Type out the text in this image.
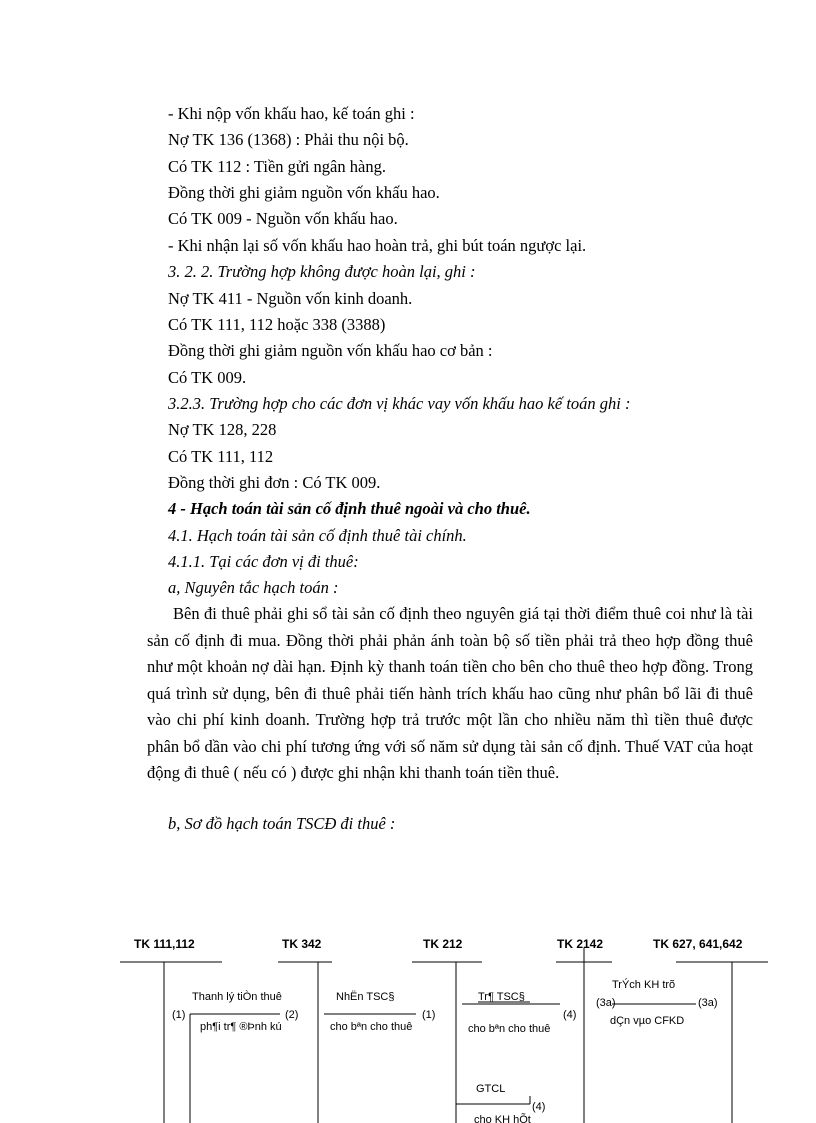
- Khi nộp vốn khấu hao, kế toán ghi :
Nợ TK 136 (1368) : Phải thu nội bộ.
Có TK 112 : Tiền gửi ngân hàng.
Đồng thời ghi giảm nguồn vốn khấu hao.
Có TK 009 - Nguồn vốn khấu hao.
- Khi nhận lại số vốn khấu hao hoàn trả, ghi bút toán ngược lại.
3. 2. 2. Trường hợp không được hoàn lại, ghi :
Nợ TK 411 - Nguồn vốn kinh doanh.
Có TK 111, 112 hoặc 338 (3388)
Đồng thời ghi giảm nguồn vốn khấu hao cơ bản :
Có TK 009.
3.2.3. Trường hợp cho các đơn vị khác vay vốn khấu hao kế toán ghi :
Nợ TK 128, 228
Có TK 111, 112
Đồng thời ghi đơn : Có TK 009.
4 - Hạch toán tài sản cố định thuê ngoài và cho thuê.
4.1. Hạch toán tài sản cố định thuê tài chính.
4.1.1. Tại các đơn vị đi thuê:
a, Nguyên tắc hạch toán :
Bên đi thuê phải ghi sổ tài sản cố định theo nguyên giá tại thời điểm thuê coi như là tài sản cố định đi mua. Đồng thời phải phản ánh toàn bộ số tiền phải trả theo hợp đồng thuê như một khoản nợ dài hạn. Định kỳ thanh toán tiền cho bên cho thuê theo hợp đồng. Trong quá trình sử dụng, bên đi thuê phải tiến hành trích khấu hao cũng như phân bổ lãi đi thuê vào chi phí kinh doanh. Trường hợp trả trước một lần cho nhiều năm thì tiền thuê được phân bổ dần vào chi phí tương ứng với số năm sử dụng tài sản cố định. Thuế VAT của hoạt động đi thuê ( nếu có ) được ghi nhận khi thanh toán tiền thuê.
b, Sơ đồ hạch toán TSCĐ đi thuê :
TK 111,112	TK 342	TK 212	TK 2142	TK 627, 641,642
Thanh lý tiÒn thuê
ph¶i tr¶ ®Þnh kú
(1)	(2)
NhËn TSC§
cho bªn cho thuê
(1)
Tr¶ TSC§
cho bªn cho thuê
(4)
TrÝch KH trõ
dÇn vµo CFKD
(3a)	(3a)
GTCL
(4)
cho KH hÕt
